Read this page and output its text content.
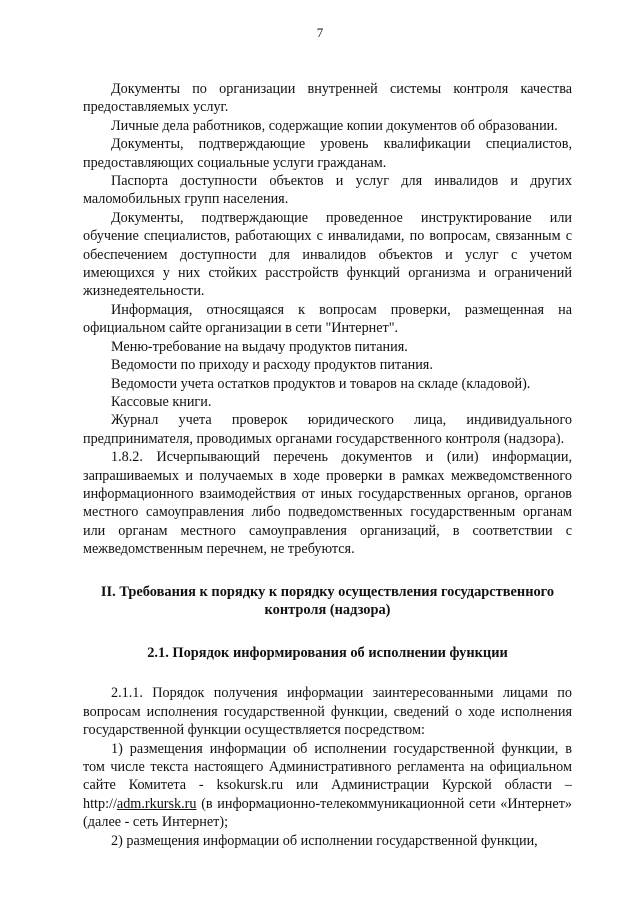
7

Документы по организации внутренней системы контроля качества предоставляемых услуг.

Личные дела работников, содержащие копии документов об образовании.

Документы, подтверждающие уровень квалификации специалистов, предоставляющих социальные услуги гражданам.

Паспорта доступности объектов и услуг для инвалидов и других маломобильных групп населения.

Документы, подтверждающие проведенное инструктирование или обучение специалистов, работающих с инвалидами, по вопросам, связанным с обеспечением доступности для инвалидов объектов и услуг с учетом имеющихся у них стойких расстройств функций организма и ограничений жизнедеятельности.

Информация, относящаяся к вопросам проверки, размещенная на официальном сайте организации в сети "Интернет".

Меню-требование на выдачу продуктов питания.

Ведомости по приходу и расходу продуктов питания.

Ведомости учета остатков продуктов и товаров на складе (кладовой).

Кассовые книги.

Журнал учета проверок юридического лица, индивидуального предпринимателя, проводимых органами государственного контроля (надзора).

1.8.2. Исчерпывающий перечень документов и (или) информации, запрашиваемых и получаемых в ходе проверки в рамках межведомственного информационного взаимодействия от иных государственных органов, органов местного самоуправления либо подведомственных государственным органам или органам местного самоуправления организаций, в соответствии с межведомственным перечнем, не требуются.

II. Требования к порядку к порядку осуществления государственного контроля (надзора)
2.1. Порядок информирования об исполнении функции

2.1.1. Порядок получения информации заинтересованными лицами по вопросам исполнения государственной функции, сведений о ходе исполнения государственной функции осуществляется посредством:

1) размещения информации об исполнении государственной функции, в том числе текста настоящего Административного регламента на официальном сайте Комитета - ksokursk.ru или Администрации Курской области – http://adm.rkursk.ru (в информационно-телекоммуникационной сети «Интернет» (далее - сеть Интернет);

2) размещения информации об исполнении государственной функции,
